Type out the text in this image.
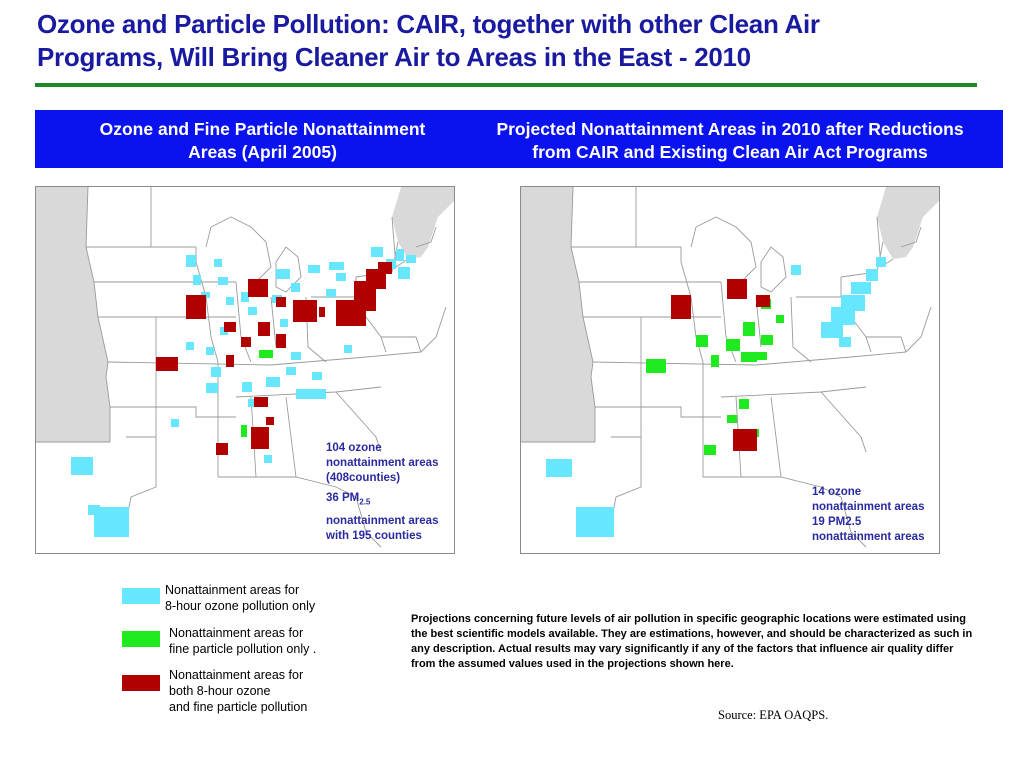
Ozone and Particle Pollution: CAIR, together with other Clean Air
Programs, Will Bring Cleaner Air to Areas in the East - 2010
Ozone and Fine Particle Nonattainment
Areas (April 2005)
Projected Nonattainment Areas in 2010 after Reductions
from CAIR and Existing Clean Air Act Programs
104 ozone
nonattainment areas
(408counties)
36 $PM_{2.5}$
nonattainment areas
with 195 counties
14 ozone
nonattainment areas
19 PM2.5
nonattainment areas
Nonattainment areas for
8-hour ozone pollution only
Nonattainment areas for
fine particle pollution only .
Nonattainment areas for
both 8-hour ozone
and fine particle pollution
Projections concerning future levels of air pollution in specific geographic locations were estimated using the best scientific models available. They are estimations, however, and should be characterized as such in any description. Actual results may vary significantly if any of the factors that influence air quality differ from the assumed values used in the projections shown here.
Source: EPA OAQPS.
